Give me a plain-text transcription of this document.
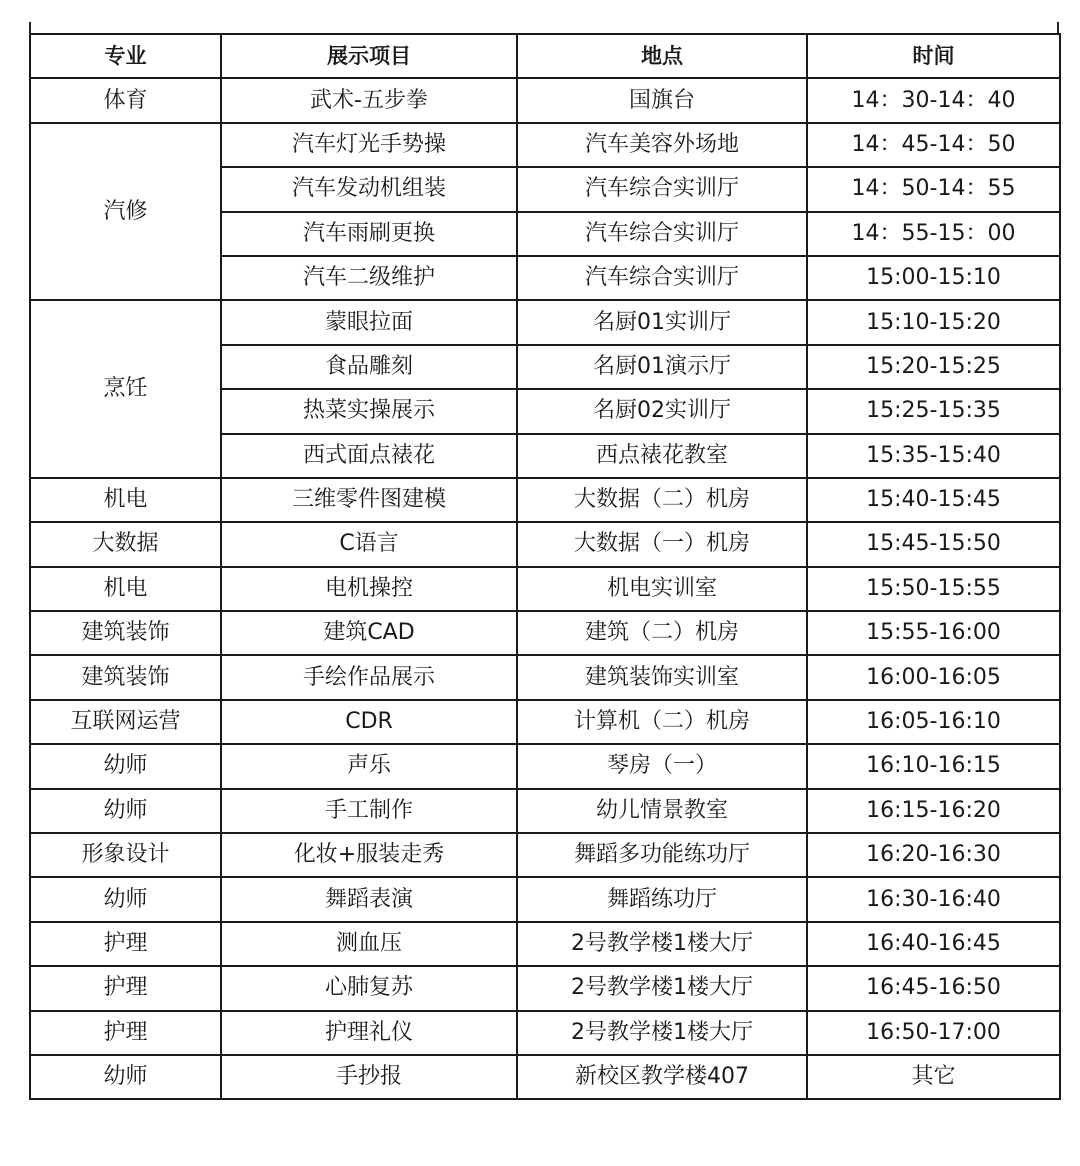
专业	展示项目	地点	时间
体育	武术-五步拳	国旗台	14：30-14：40
汽修	汽车灯光手势操	汽车美容外场地	14：45-14：50
	汽车发动机组装	汽车综合实训厅	14：50-14：55
	汽车雨刷更换	汽车综合实训厅	14：55-15：00
	汽车二级维护	汽车综合实训厅	15:00-15:10
烹饪	蒙眼拉面	名厨01实训厅	15:10-15:20
	食品雕刻	名厨01演示厅	15:20-15:25
	热菜实操展示	名厨02实训厅	15:25-15:35
	西式面点裱花	西点裱花教室	15:35-15:40
机电	三维零件图建模	大数据（二）机房	15:40-15:45
大数据	C语言	大数据（一）机房	15:45-15:50
机电	电机操控	机电实训室	15:50-15:55
建筑装饰	建筑CAD	建筑（二）机房	15:55-16:00
建筑装饰	手绘作品展示	建筑装饰实训室	16:00-16:05
互联网运营	CDR	计算机（二）机房	16:05-16:10
幼师	声乐	琴房（一）	16:10-16:15
幼师	手工制作	幼儿情景教室	16:15-16:20
形象设计	化妆+服装走秀	舞蹈多功能练功厅	16:20-16:30
幼师	舞蹈表演	舞蹈练功厅	16:30-16:40
护理	测血压	2号教学楼1楼大厅	16:40-16:45
护理	心肺复苏	2号教学楼1楼大厅	16:45-16:50
护理	护理礼仪	2号教学楼1楼大厅	16:50-17:00
幼师	手抄报	新校区教学楼407	其它
